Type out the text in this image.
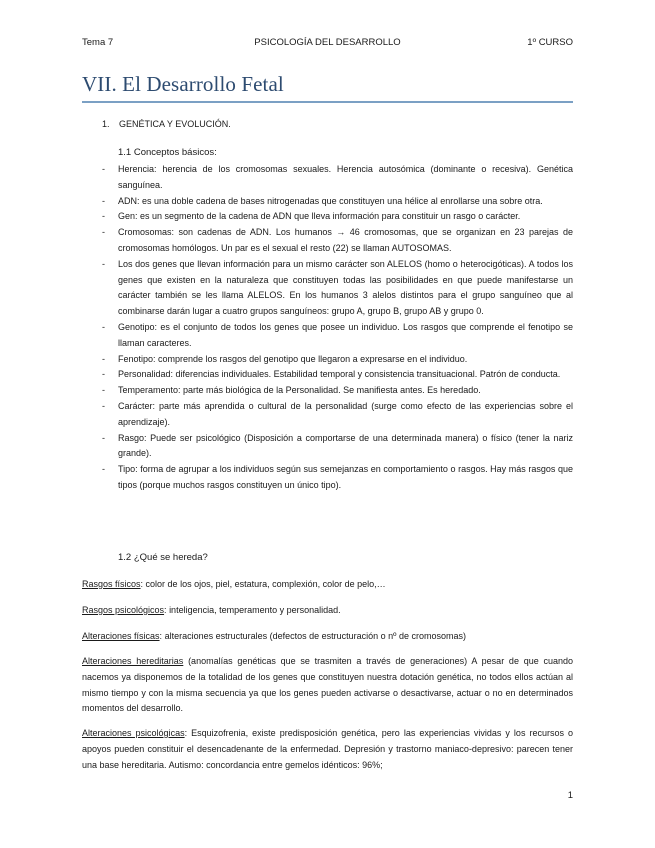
Tema 7	PSICOLOGÍA DEL DESARROLLO	1º CURSO
VII. El Desarrollo Fetal
1. GENÉTICA Y EVOLUCIÓN.
1.1 Conceptos básicos:
- Herencia: herencia de los cromosomas sexuales. Herencia autosómica (dominante o recesiva). Genética sanguínea.
- ADN: es una doble cadena de bases nitrogenadas que constituyen una hélice al enrollarse una sobre otra.
- Gen: es un segmento de la cadena de ADN que lleva información para constituir un rasgo o carácter.
- Cromosomas: son cadenas de ADN. Los humanos → 46 cromosomas, que se organizan en 23 parejas de cromosomas homólogos. Un par es el sexual el resto (22) se llaman AUTOSOMAS.
- Los dos genes que llevan información para un mismo carácter son ALELOS (homo o heterocigóticas). A todos los genes que existen en la naturaleza que constituyen todas las posibilidades en que puede manifestarse un carácter también se les llama ALELOS. En los humanos 3 alelos distintos para el grupo sanguíneo que al combinarse darán lugar a cuatro grupos sanguíneos: grupo A, grupo B, grupo AB y grupo 0.
- Genotipo: es el conjunto de todos los genes que posee un individuo. Los rasgos que comprende el fenotipo se llaman caracteres.
- Fenotipo: comprende los rasgos del genotipo que llegaron a expresarse en el individuo.
- Personalidad: diferencias individuales. Estabilidad temporal y consistencia transituacional. Patrón de conducta.
- Temperamento: parte más biológica de la Personalidad. Se manifiesta antes. Es heredado.
- Carácter: parte más aprendida o cultural de la personalidad (surge como efecto de las experiencias sobre el aprendizaje).
- Rasgo: Puede ser psicológico (Disposición a comportarse de una determinada manera) o físico (tener la nariz grande).
- Tipo: forma de agrupar a los individuos según sus semejanzas en comportamiento o rasgos. Hay más rasgos que tipos (porque muchos rasgos constituyen un único tipo).
1.2 ¿Qué se hereda?

Rasgos físicos: color de los ojos, piel, estatura, complexión, color de pelo,…

Rasgos psicológicos: inteligencia, temperamento y personalidad.

Alteraciones físicas: alteraciones estructurales (defectos de estructuración o nº de cromosomas)

Alteraciones hereditarias (anomalías genéticas que se trasmiten a través de generaciones) A pesar de que cuando nacemos ya disponemos de la totalidad de los genes que constituyen nuestra dotación genética, no todos ellos actúan al mismo tiempo y con la misma secuencia ya que los genes pueden activarse o desactivarse, actuar o no en determinados momentos del desarrollo.

Alteraciones psicológicas: Esquizofrenia, existe predisposición genética, pero las experiencias vividas y los recursos o apoyos pueden constituir el desencadenante de la enfermedad. Depresión y trastorno maniaco-depresivo: parecen tener una base hereditaria. Autismo: concordancia entre gemelos idénticos: 96%;

1
